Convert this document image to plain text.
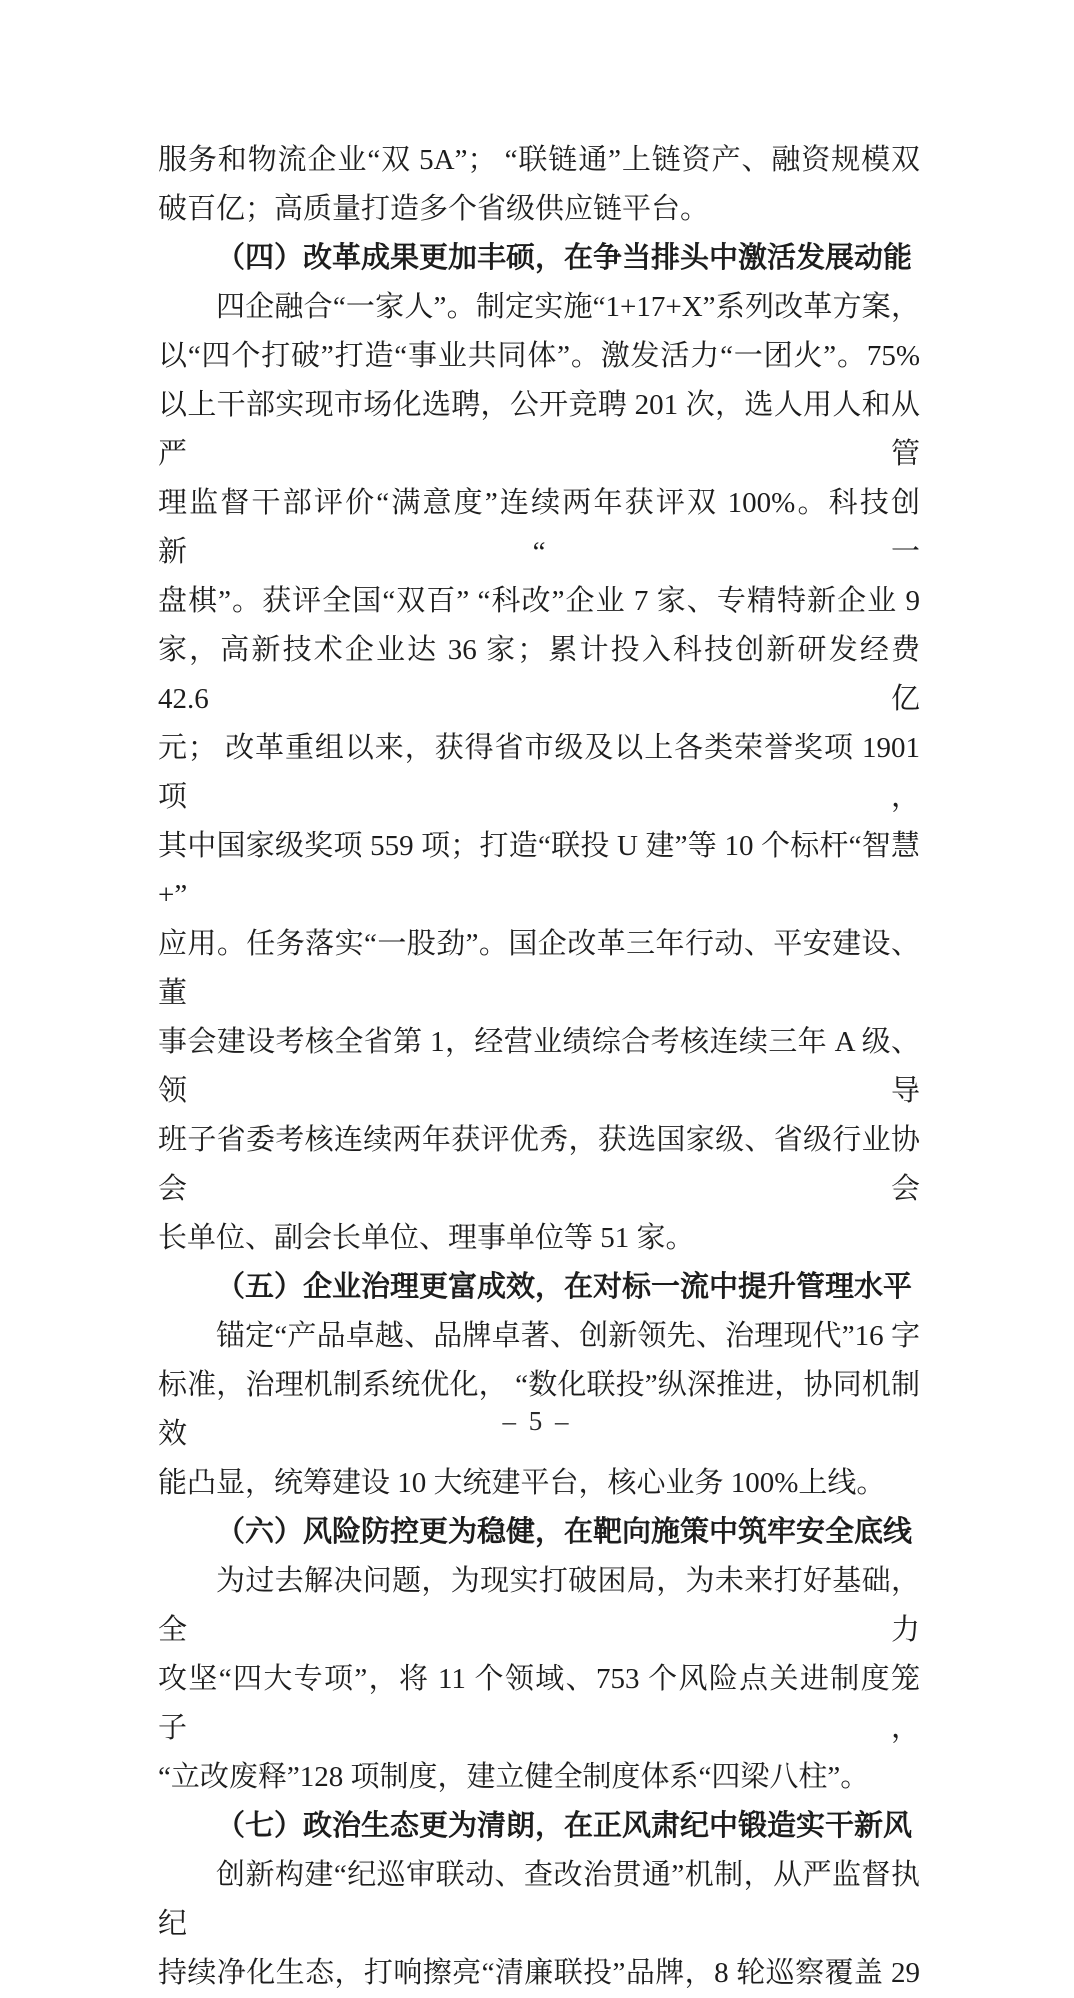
服务和物流企业“双 5A”； “联链通”上链资产、融资规模双
破百亿；高质量打造多个省级供应链平台。
（四）改革成果更加丰硕，在争当排头中激活发展动能
四企融合“一家人”。制定实施“1+17+X”系列改革方案，
以“四个打破”打造“事业共同体”。激发活力“一团火”。75%
以上干部实现市场化选聘，公开竞聘 201 次，选人用人和从严管
理监督干部评价“满意度”连续两年获评双 100%。科技创新“一
盘棋”。获评全国“双百” “科改”企业 7 家、专精特新企业 9
家，高新技术企业达 36 家；累计投入科技创新研发经费 42.6 亿
元； 改革重组以来，获得省市级及以上各类荣誉奖项 1901 项，
其中国家级奖项 559 项；打造“联投 U 建”等 10 个标杆“智慧+”
应用。任务落实“一股劲”。国企改革三年行动、平安建设、董
事会建设考核全省第 1，经营业绩综合考核连续三年 A 级、领导
班子省委考核连续两年获评优秀，获选国家级、省级行业协会会
长单位、副会长单位、理事单位等 51 家。
（五）企业治理更富成效，在对标一流中提升管理水平
锚定“产品卓越、品牌卓著、创新领先、治理现代”16 字
标准，治理机制系统优化， “数化联投”纵深推进，协同机制效
能凸显，统筹建设 10 大统建平台，核心业务 100%上线。
（六）风险防控更为稳健，在靶向施策中筑牢安全底线
为过去解决问题，为现实打破困局，为未来打好基础，全力
攻坚“四大专项”，将 11 个领域、753 个风险点关进制度笼子，
“立改废释”128 项制度，建立健全制度体系“四梁八柱”。
（七）政治生态更为清朗，在正风肃纪中锻造实干新风
创新构建“纪巡审联动、查改治贯通”机制，从严监督执纪
持续净化生态，打响擦亮“清廉联投”品牌，8 轮巡察覆盖 29
– 5 –
